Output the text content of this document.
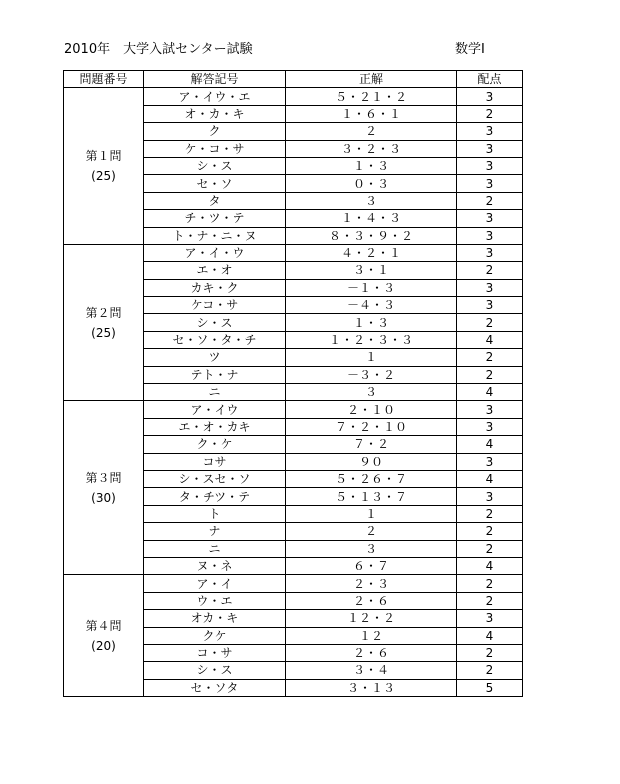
2010年　大学入試センター試験	数学I
問題番号	解答記号	正解	配点

第１問
(25)	ア・イウ・エ	５・２１・２	3
	オ・カ・キ	１・６・１	2
	ク	２	3
	ケ・コ・サ	３・２・３	3
	シ・ス	１・３	3
	セ・ソ	０・３	3
	タ	３	2
	チ・ツ・テ	１・４・３	3
	ト・ナ・ニ・ヌ	８・３・９・２	3

第２問
(25)	ア・イ・ウ	４・２・１	3
	エ・オ	３・１	2
	カキ・ク	－１・３	3
	ケコ・サ	－４・３	3
	シ・ス	１・３	2
	セ・ソ・タ・チ	１・２・３・３	4
	ツ	１	2
	テト・ナ	－３・２	2
	ニ	３	4

第３問
(30)	ア・イウ	２・１０	3
	エ・オ・カキ	７・２・１０	3
	ク・ケ	７・２	4
	コサ	９０	3
	シ・スセ・ソ	５・２６・７	4
	タ・チツ・テ	５・１３・７	3
	ト	１	2
	ナ	２	2
	ニ	３	2
	ヌ・ネ	６・７	4

第４問
(20)	ア・イ	２・３	2
	ウ・エ	２・６	2
	オカ・キ	１２・２	3
	クケ	１２	4
	コ・サ	２・６	2
	シ・ス	３・４	2
	セ・ソタ	３・１３	5
